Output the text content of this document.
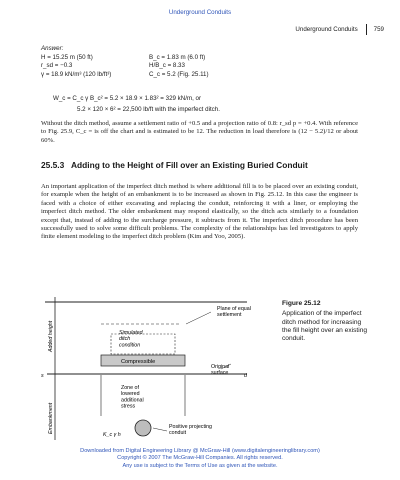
Underground Conduits
Underground Conduits	759
Answer:
H = 15.25 m (50 ft)
r_sd = −0.3
γ = 18.9 kN/m³ (120 lb/ft³)
B_c = 1.83 m (6.0 ft)
H/B_c = 8.33
C_c = 5.2 (Fig. 25.11)
W_c = C_c γ B_c² = 5.2 × 18.9 × 1.83² = 329 kN/m, or
5.2 × 120 × 6² = 22,500 lb/ft with the imperfect ditch.
Without the ditch method, assume a settlement ratio of +0.5 and a projection ratio of 0.8: r_sd p = +0.4. With reference to Fig. 25.9, C_c = is off the chart and is estimated to be 12. The reduction in load therefore is (12 − 5.2)/12 or about 60%.
25.5.3 Adding to the Height of Fill over an Existing Buried Conduit
An important application of the imperfect ditch method is where additional fill is to be placed over an existing conduit, for example when the height of an embankment is to be increased as shown in Fig. 25.12. In this case the engineer is faced with a choice of either excavating and replacing the conduit, reinforcing it with a liner, or employing the imperfect ditch method. The older embankment may respond elastically, so the ditch acts similarly to a foundation except that, instead of adding to the surcharge pressure, it subtracts from it. The imperfect ditch procedure has been successfully used to solve some difficult problems. The complexity of the relationships has led investigators to apply finite element modeling to the imperfect ditch problem (Kim and Yoo, 2005).
Plane of equal settlement
Simulated ditch condition
Compressible
Original surface
s	d
Zone of lowered additional stress
Positive projecting conduit
K_c γ h
Added height
Embankment
Figure 25.12
Application of the imperfect ditch method for increasing the fill height over an existing conduit.
Downloaded from Digital Engineering Library @ McGraw-Hill (www.digitalengineeringlibrary.com)
Copyright © 2007 The McGraw-Hill Companies. All rights reserved.
Any use is subject to the Terms of Use as given at the website.
